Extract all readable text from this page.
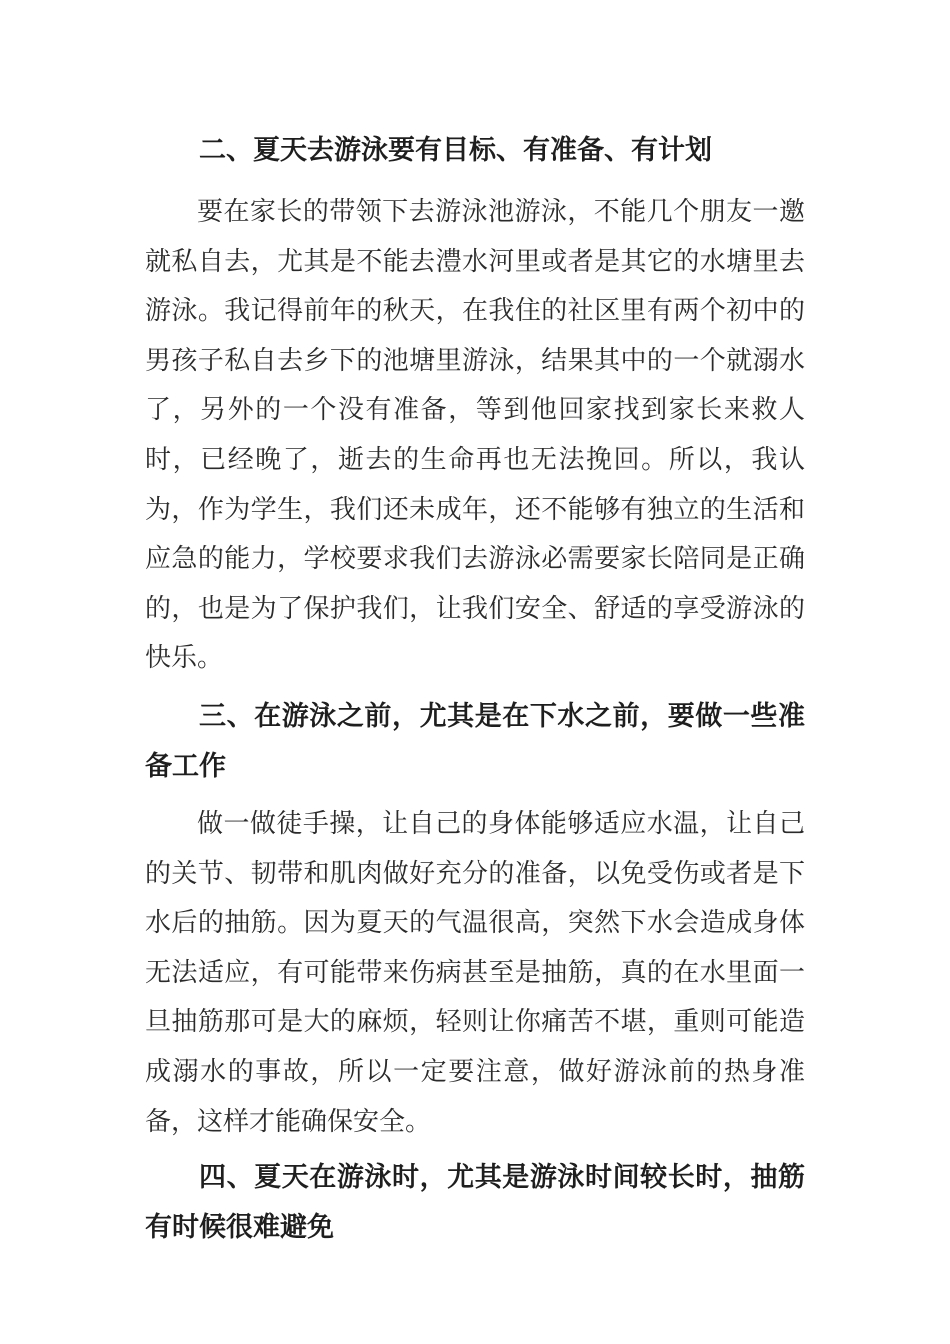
二、夏天去游泳要有目标、有准备、有计划

要在家长的带领下去游泳池游泳，不能几个朋友一邀就私自去，尤其是不能去澧水河里或者是其它的水塘里去游泳。我记得前年的秋天，在我住的社区里有两个初中的男孩子私自去乡下的池塘里游泳，结果其中的一个就溺水了，另外的一个没有准备，等到他回家找到家长来救人时，已经晚了，逝去的生命再也无法挽回。所以，我认为，作为学生，我们还未成年，还不能够有独立的生活和应急的能力，学校要求我们去游泳必需要家长陪同是正确的，也是为了保护我们，让我们安全、舒适的享受游泳的快乐。

三、在游泳之前，尤其是在下水之前，要做一些准备工作

做一做徒手操，让自己的身体能够适应水温，让自己的关节、韧带和肌肉做好充分的准备，以免受伤或者是下水后的抽筋。因为夏天的气温很高，突然下水会造成身体无法适应，有可能带来伤病甚至是抽筋，真的在水里面一旦抽筋那可是大的麻烦，轻则让你痛苦不堪，重则可能造成溺水的事故，所以一定要注意，做好游泳前的热身准备，这样才能确保安全。

四、夏天在游泳时，尤其是游泳时间较长时，抽筋有时候很难避免
